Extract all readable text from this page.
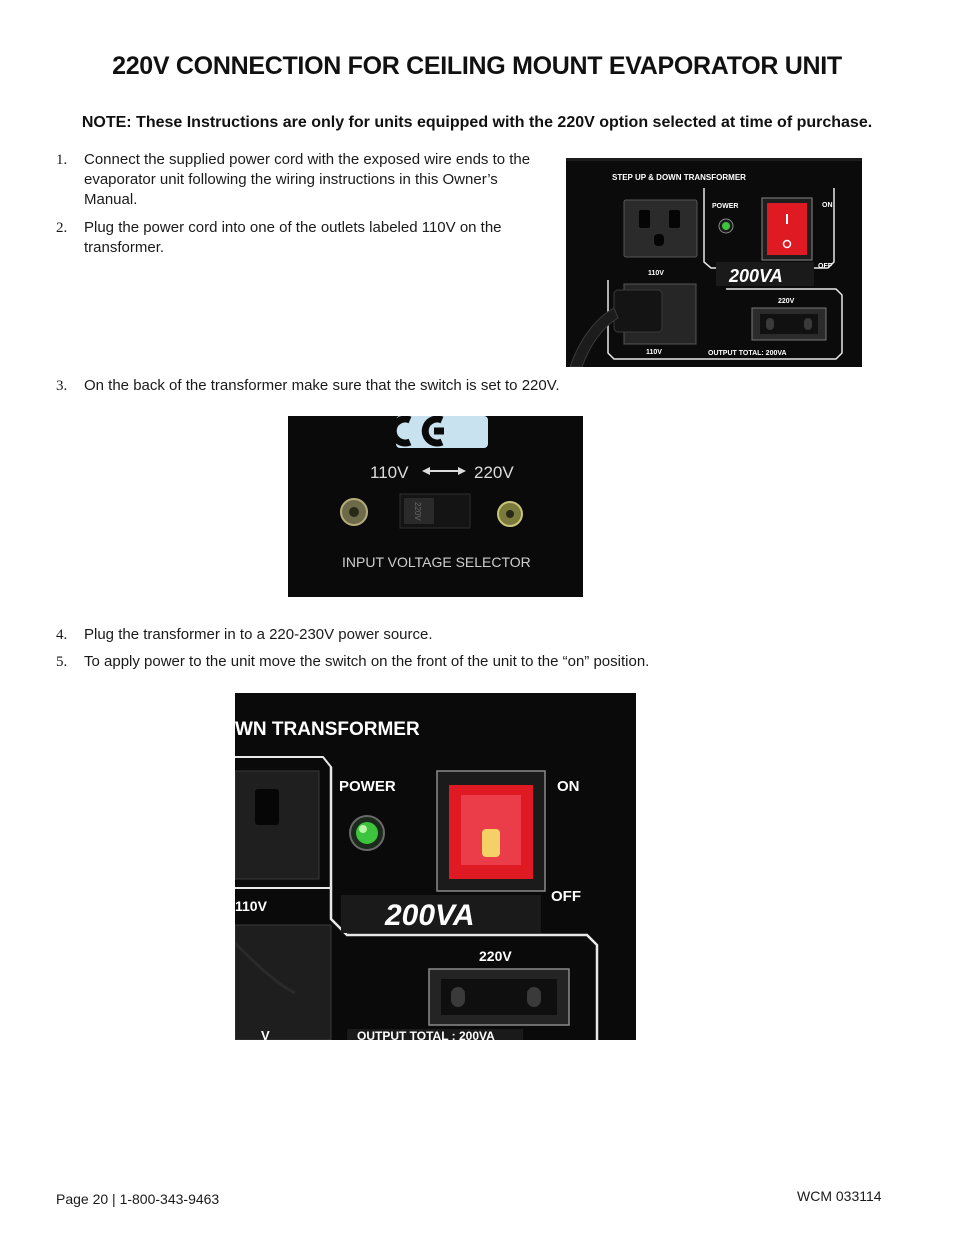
220V CONNECTION FOR CEILING MOUNT EVAPORATOR UNIT

NOTE: These Instructions are only for units equipped with the 220V option selected at time of purchase.

1.	Connect the supplied power cord with the exposed wire ends to the evaporator unit following the wiring instructions in this Owner’s Manual.
2.	Plug the power cord into one of the outlets labeled 110V on the transformer.
STEP UP & DOWN TRANSFORMER
110V
POWER	ON
OFF
200VA
110V
220V
OUTPUT TOTAL: 200VA
3.	On the back of the transformer make sure that the switch is set to 220V.
110V	220V
220V
INPUT VOLTAGE SELECTOR
4.	Plug the transformer in to a 220-230V power source.
5.	To apply power to the unit move the switch on the front of the unit to the “on” position.
WN TRANSFORMER
110V
V
POWER	ON
OFF
200VA
220V
OUTPUT TOTAL : 200VA
Page 20 | 1-800-343-9463	WCM 033114
